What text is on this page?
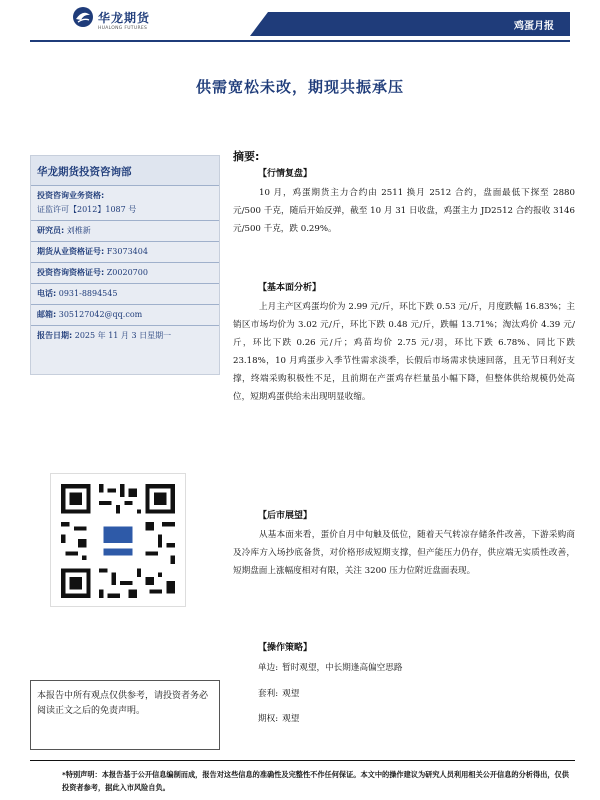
华龙期货
HUALONG FUTURES	鸡蛋月报
供需宽松未改，期现共振承压
华龙期货投资咨询部
投资咨询业务资格:
证监许可【2012】1087 号
研究员: 刘椎新
期货从业资格证号: F3073404
投资咨询资格证号: Z0020700
电话: 0931-8894545
邮箱: 305127042@qq.com
报告日期: 2025 年 11 月 3 日星期一
本报告中所有观点仅供参考，请投资者务必阅读正文之后的免责声明。
摘要:
【行情复盘】
10 月，鸡蛋期货主力合约由 2511 换月 2512 合约，盘面最低下探至 2880 元/500 千克，随后开始反弹，截至 10 月 31 日收盘，鸡蛋主力 JD2512 合约报收 3146 元/500 千克，跌 0.29%。
【基本面分析】
上月主产区鸡蛋均价为 2.99 元/斤，环比下跌 0.53 元/斤，月度跌幅 16.83%；主销区市场均价为 3.02 元/斤，环比下跌 0.48 元/斤，跌幅 13.71%；淘汰鸡价 4.39 元/斤，环比下跌 0.26 元/斤；鸡苗均价 2.75 元/羽，环比下跌 6.78%、同比下跌 23.18%，10 月鸡蛋步入季节性需求淡季，长假后市场需求快速回落，且无节日利好支撑，终端采购积极性不足，且前期在产蛋鸡存栏量虽小幅下降，但整体供给规模仍处高位，短期鸡蛋供给未出现明显收缩。
【后市展望】
从基本面来看，蛋价自月中旬触及低位，随着天气转凉存储条件改善，下游采购商及冷库方入场抄底备货，对价格形成短期支撑，但产能压力仍存，供应端无实质性改善，短期盘面上涨幅度相对有限，关注 3200 压力位附近盘面表现。
【操作策略】
单边: 暂时观望，中长期逢高偏空思路
套利: 观望
期权: 观望
*特别声明：本报告基于公开信息编制而成，报告对这些信息的准确性及完整性不作任何保证。本文中的操作建议为研究人员利用相关公开信息的分析得出，仅供投资者参考，据此入市风险自负。
